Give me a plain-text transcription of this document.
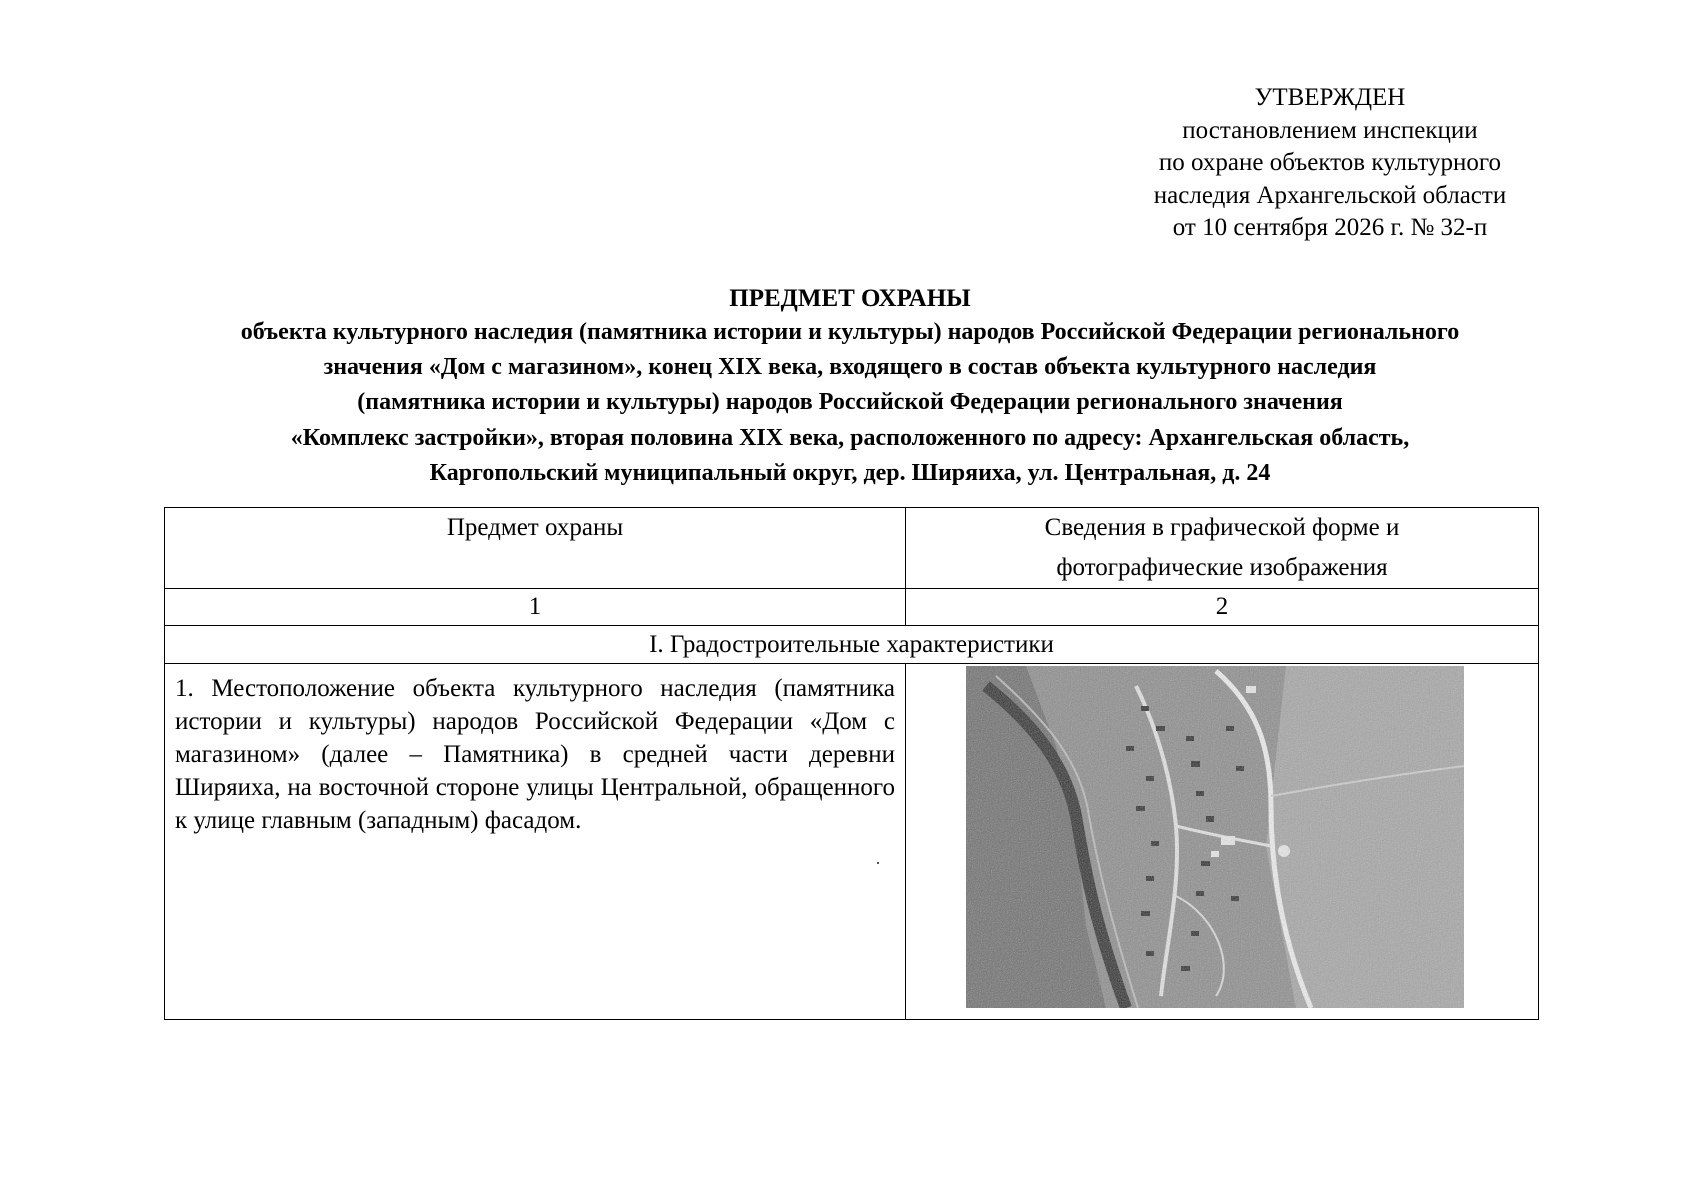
УТВЕРЖДЕН
постановлением инспекции
по охране объектов культурного
наследия Архангельской области
от 10 сентября 2026 г. № 32-п
ПРЕДМЕТ ОХРАНЫ
объекта культурного наследия (памятника истории и культуры) народов Российской Федерации регионального
значения «Дом с магазином», конец XIX века, входящего в состав объекта культурного наследия
(памятника истории и культуры) народов Российской Федерации регионального значения
«Комплекс застройки», вторая половина XIX века, расположенного по адресу: Архангельская область,
Каргопольский муниципальный округ, дер. Ширяиха, ул. Центральная, д. 24
Предмет охраны	Сведения в графической форме и фотографические изображения
1	2
I. Градостроительные характеристики	
1. Местоположение объекта культурного наследия (памятника истории и культуры) народов Российской Федерации «Дом с магазином» (далее – Памятника) в средней части деревни Ширяиха, на восточной стороне улицы Центральной, обращенного к улице главным (западным) фасадом.	
